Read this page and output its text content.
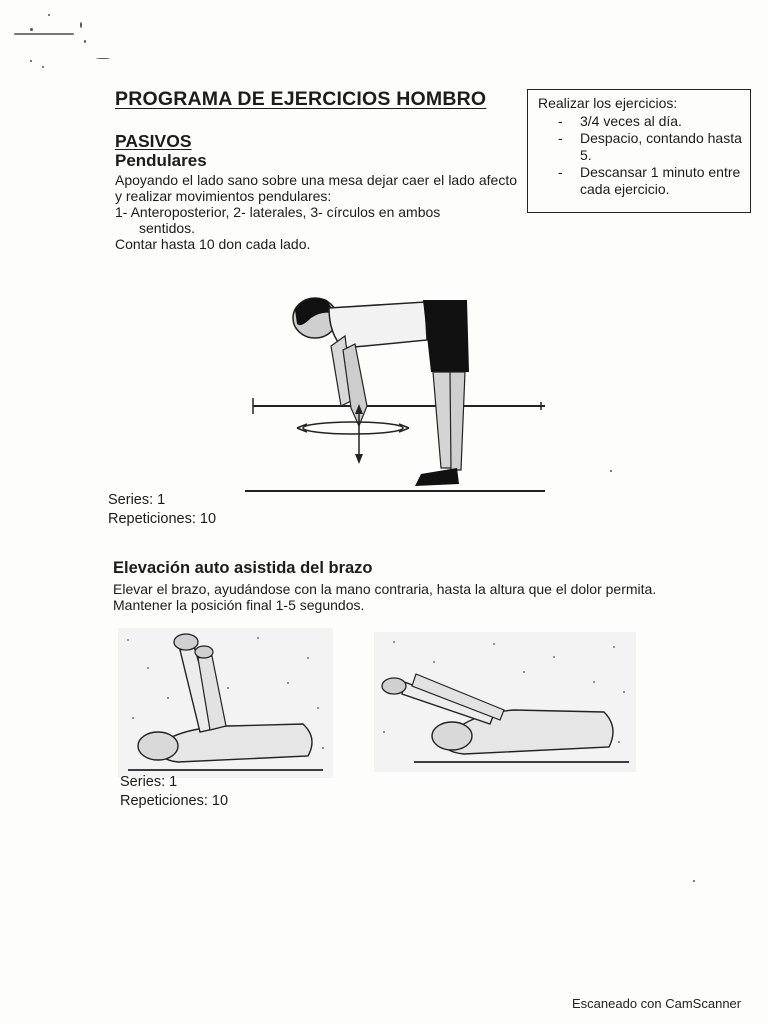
PROGRAMA DE EJERCICIOS HOMBRO	Realizar los ejercicios:
- 3/4 veces al día.
- Despacio, contando hasta 5.
- Descansar 1 minuto entre cada ejercicio.
PASIVOS
Pendulares
Apoyando el lado sano sobre una mesa dejar caer el lado afecto y realizar movimientos pendulares:
1- Anteroposterior, 2- laterales, 3- círculos en ambos
sentidos.
Contar hasta 10 don cada lado.
Series: 1
Repeticiones: 10
Elevación auto asistida del brazo
Elevar el brazo, ayudándose con la mano contraria, hasta la altura que el dolor permita. Mantener la posición final 1-5 segundos.
Series: 1
Repeticiones: 10
Escaneado con CamScanner
